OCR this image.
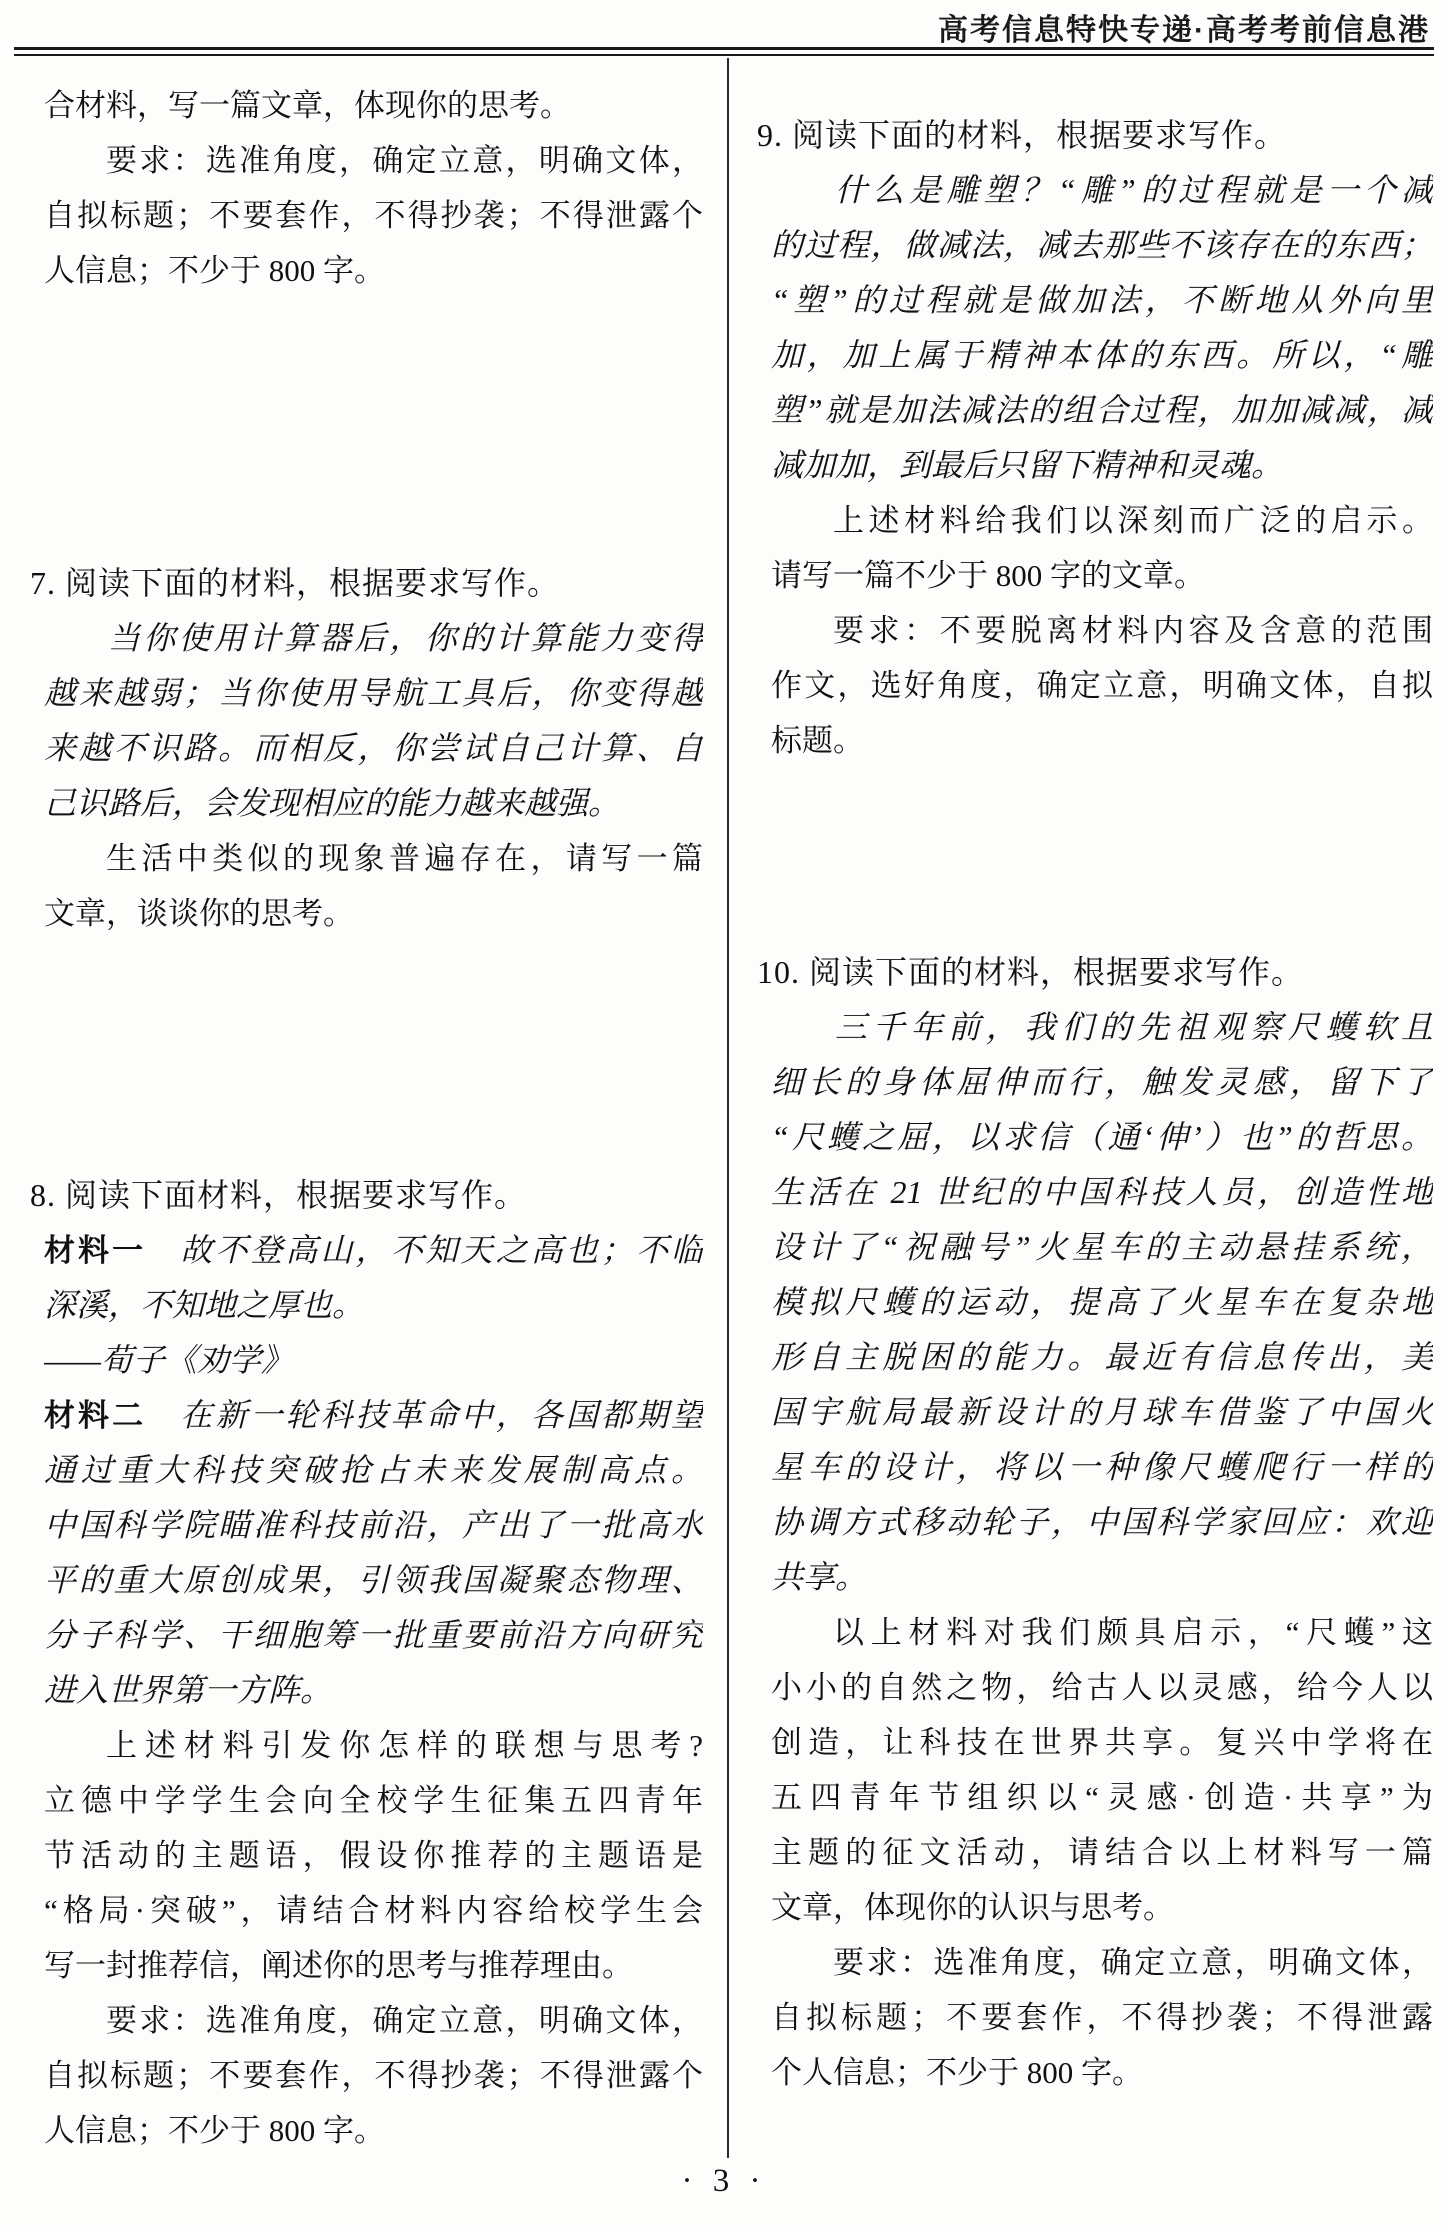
高考信息特快专递·高考考前信息港
合材料，写一篇文章，体现你的思考。
要求：选准角度，确定立意，明确文体，
自拟标题；不要套作，不得抄袭；不得泄露个
人信息；不少于 800 字。
7. 阅读下面的材料，根据要求写作。
当你使用计算器后，你的计算能力变得
越来越弱；当你使用导航工具后，你变得越
来越不识路。而相反，你尝试自己计算、自
己识路后，会发现相应的能力越来越强。
生活中类似的现象普遍存在，请写一篇
文章，谈谈你的思考。
8. 阅读下面材料，根据要求写作。
材料一 故不登高山，不知天之高也；不临
深溪，不知地之厚也。
——荀子《劝学》
材料二 在新一轮科技革命中，各国都期望
通过重大科技突破抢占未来发展制高点。
中国科学院瞄准科技前沿，产出了一批高水
平的重大原创成果，引领我国凝聚态物理、
分子科学、干细胞筹一批重要前沿方向研究
进入世界第一方阵。
上述材料引发你怎样的联想与思考?
立德中学学生会向全校学生征集五四青年
节活动的主题语，假设你推荐的主题语是
“格局·突破”，请结合材料内容给校学生会
写一封推荐信，阐述你的思考与推荐理由。
要求：选准角度，确定立意，明确文体，
自拟标题；不要套作，不得抄袭；不得泄露个
人信息；不少于 800 字。
9. 阅读下面的材料，根据要求写作。
什么是雕塑？“雕”的过程就是一个减
的过程，做减法，减去那些不该存在的东西；
“塑”的过程就是做加法，不断地从外向里
加，加上属于精神本体的东西。所以，“雕
塑”就是加法减法的组合过程，加加减减，减
减加加，到最后只留下精神和灵魂。
上述材料给我们以深刻而广泛的启示。
请写一篇不少于 800 字的文章。
要求：不要脱离材料内容及含意的范围
作文，选好角度，确定立意，明确文体，自拟
标题。
10. 阅读下面的材料，根据要求写作。
三千年前，我们的先祖观察尺蠖软且
细长的身体屈伸而行，触发灵感，留下了
“尺蠖之屈，以求信（通‘伸’）也”的哲思。
生活在 21 世纪的中国科技人员，创造性地
设计了“祝融号”火星车的主动悬挂系统，
模拟尺蠖的运动，提高了火星车在复杂地
形自主脱困的能力。最近有信息传出，美
国宇航局最新设计的月球车借鉴了中国火
星车的设计，将以一种像尺蠖爬行一样的
协调方式移动轮子，中国科学家回应：欢迎
共享。
以上材料对我们颇具启示，“尺蠖”这
小小的自然之物，给古人以灵感，给今人以
创造，让科技在世界共享。复兴中学将在
五四青年节组织以“灵感·创造·共享”为
主题的征文活动，请结合以上材料写一篇
文章，体现你的认识与思考。
要求：选准角度，确定立意，明确文体，
自拟标题；不要套作，不得抄袭；不得泄露
个人信息；不少于 800 字。
· 3 ·
